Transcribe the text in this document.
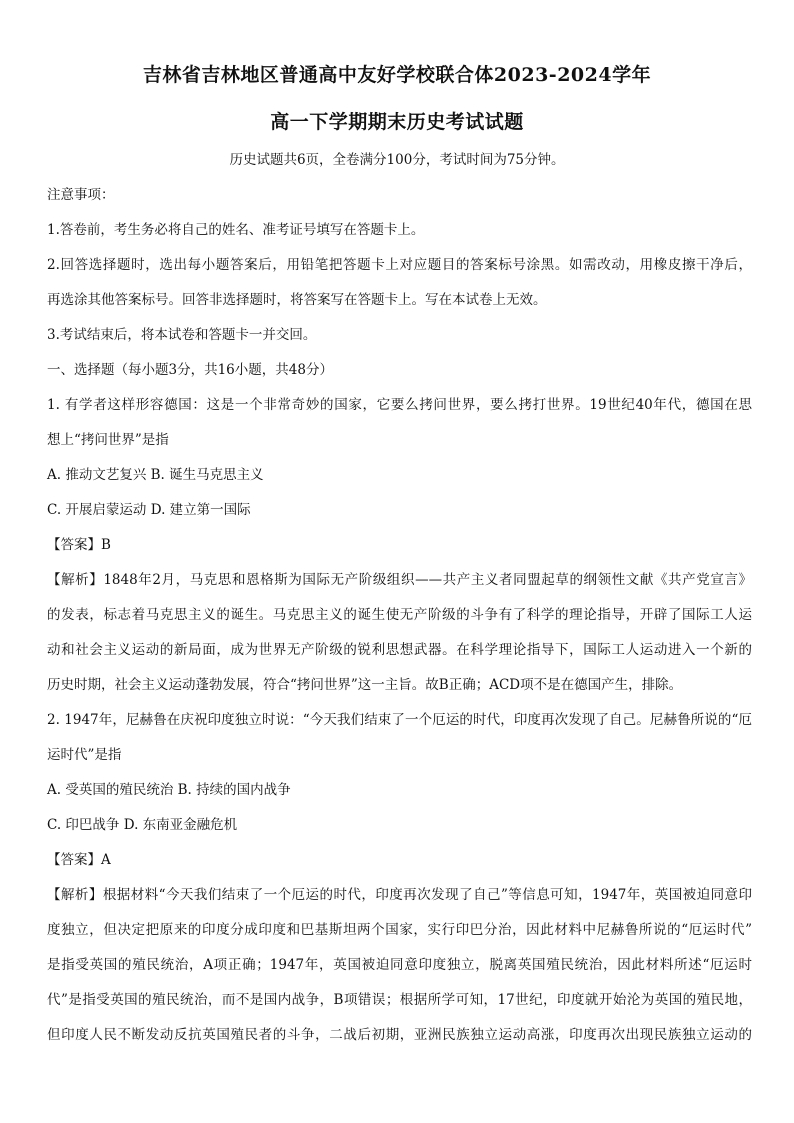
吉林省吉林地区普通高中友好学校联合体2023-2024学年
高一下学期期末历史考试试题
历史试题共6页，全卷满分100分，考试时间为75分钟。
注意事项：
1.答卷前，考生务必将自己的姓名、准考证号填写在答题卡上。
2.回答选择题时，选出每小题答案后，用铅笔把答题卡上对应题目的答案标号涂黑。如需改动，用橡皮擦干净后，
再选涂其他答案标号。回答非选择题时，将答案写在答题卡上。写在本试卷上无效。
3.考试结束后，将本试卷和答题卡一并交回。
一、选择题（每小题3分，共16小题，共48分）
1. 有学者这样形容德国：这是一个非常奇妙的国家，它要么拷问世界，要么拷打世界。19世纪40年代，德国在思
想上“拷问世界”是指
A. 推动文艺复兴 B. 诞生马克思主义
C. 开展启蒙运动 D. 建立第一国际
【答案】B
【解析】1848年2月，马克思和恩格斯为国际无产阶级组织——共产主义者同盟起草的纲领性文献《共产党宣言》
的发表，标志着马克思主义的诞生。马克思主义的诞生使无产阶级的斗争有了科学的理论指导，开辟了国际工人运
动和社会主义运动的新局面，成为世界无产阶级的锐利思想武器。在科学理论指导下，国际工人运动进入一个新的
历史时期，社会主义运动蓬勃发展，符合“拷问世界”这一主旨。故B正确；ACD项不是在德国产生，排除。
2. 1947年，尼赫鲁在庆祝印度独立时说：“今天我们结束了一个厄运的时代，印度再次发现了自己。尼赫鲁所说的“厄
运时代”是指
A. 受英国的殖民统治 B. 持续的国内战争
C. 印巴战争 D. 东南亚金融危机
【答案】A
【解析】根据材料“今天我们结束了一个厄运的时代，印度再次发现了自己”等信息可知，1947年，英国被迫同意印
度独立，但决定把原来的印度分成印度和巴基斯坦两个国家，实行印巴分治，因此材料中尼赫鲁所说的“厄运时代”
是指受英国的殖民统治，A项正确；1947年，英国被迫同意印度独立，脱离英国殖民统治，因此材料所述“厄运时
代”是指受英国的殖民统治，而不是国内战争，B项错误；根据所学可知，17世纪，印度就开始沦为英国的殖民地，
但印度人民不断发动反抗英国殖民者的斗争，二战后初期，亚洲民族独立运动高涨，印度再次出现民族独立运动的
